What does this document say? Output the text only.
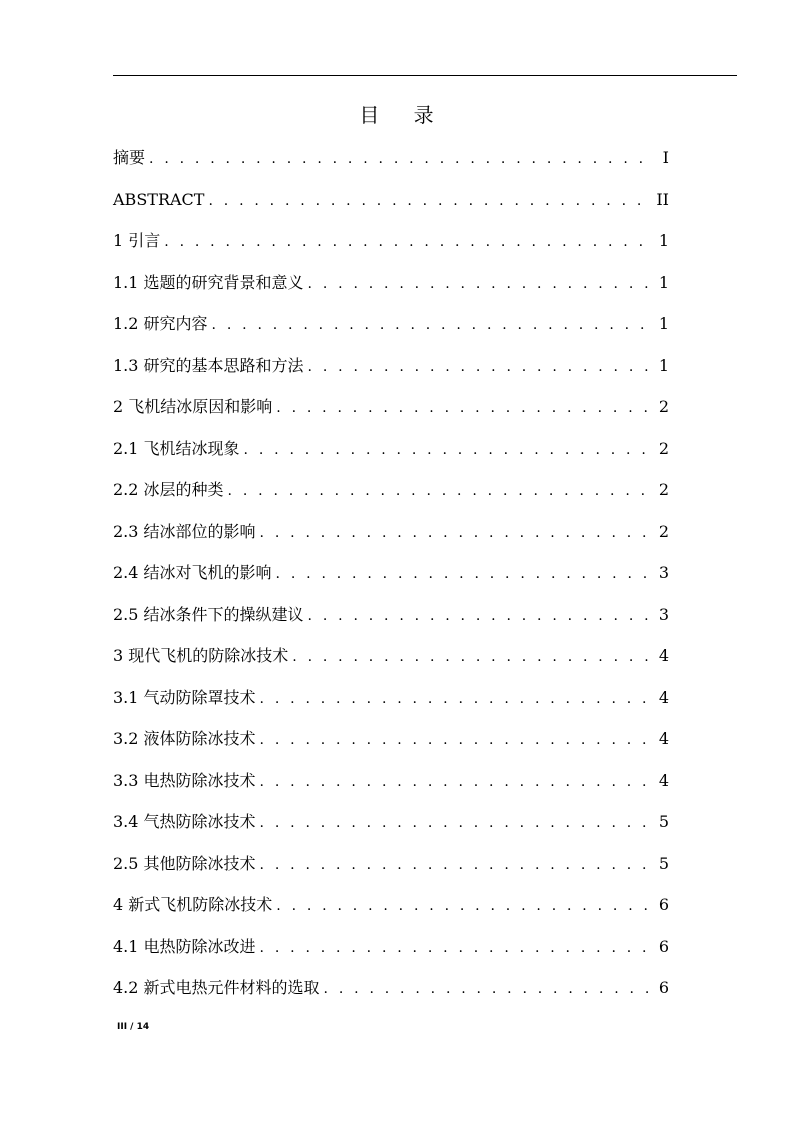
目 录
摘要 . . .	I
ABSTRACT . . .	II
1 引言 . . .	1
1.1 选题的研究背景和意义 . . .	1
1.2 研究内容 . . .	1
1.3 研究的基本思路和方法 . . .	1
2 飞机结冰原因和影响 . . .	2
2.1 飞机结冰现象 . . .	2
2.2 冰层的种类 . . .	2
2.3 结冰部位的影响 . . .	2
2.4 结冰对飞机的影响 . . .	3
2.5 结冰条件下的操纵建议 . . .	3
3 现代飞机的防除冰技术 . . .	4
3.1 气动防除罩技术 . . .	4
3.2 液体防除冰技术 . . .	4
3.3 电热防除冰技术 . . .	4
3.4 气热防除冰技术 . . .	5
2.5 其他防除冰技术 . . .	5
4 新式飞机防除冰技术 . . .	6
4.1 电热防除冰改进 . . .	6
4.2 新式电热元件材料的选取 . . .	6
III / 14
